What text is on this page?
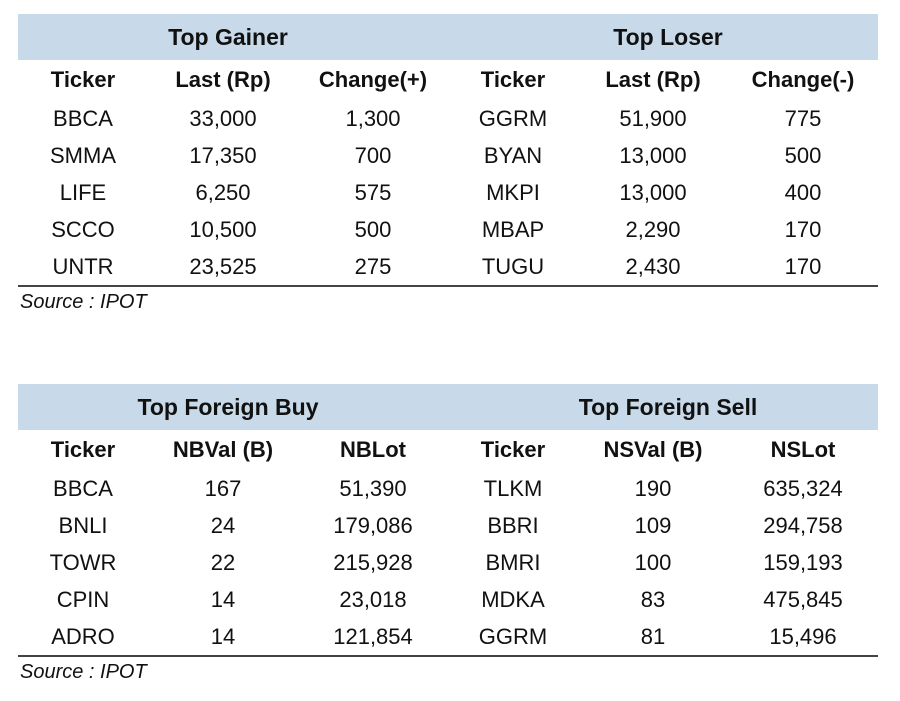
Top Gainer	Top Loser
Ticker	Last (Rp)	Change(+)	Ticker	Last (Rp)	Change(-)
BBCA	33,000	1,300	GGRM	51,900	775
SMMA	17,350	700	BYAN	13,000	500
LIFE	6,250	575	MKPI	13,000	400
SCCO	10,500	500	MBAP	2,290	170
UNTR	23,525	275	TUGU	2,430	170
Source : IPOT
Top Foreign Buy	Top Foreign Sell
Ticker	NBVal (B)	NBLot	Ticker	NSVal (B)	NSLot
BBCA	167	51,390	TLKM	190	635,324
BNLI	24	179,086	BBRI	109	294,758
TOWR	22	215,928	BMRI	100	159,193
CPIN	14	23,018	MDKA	83	475,845
ADRO	14	121,854	GGRM	81	15,496
Source : IPOT
